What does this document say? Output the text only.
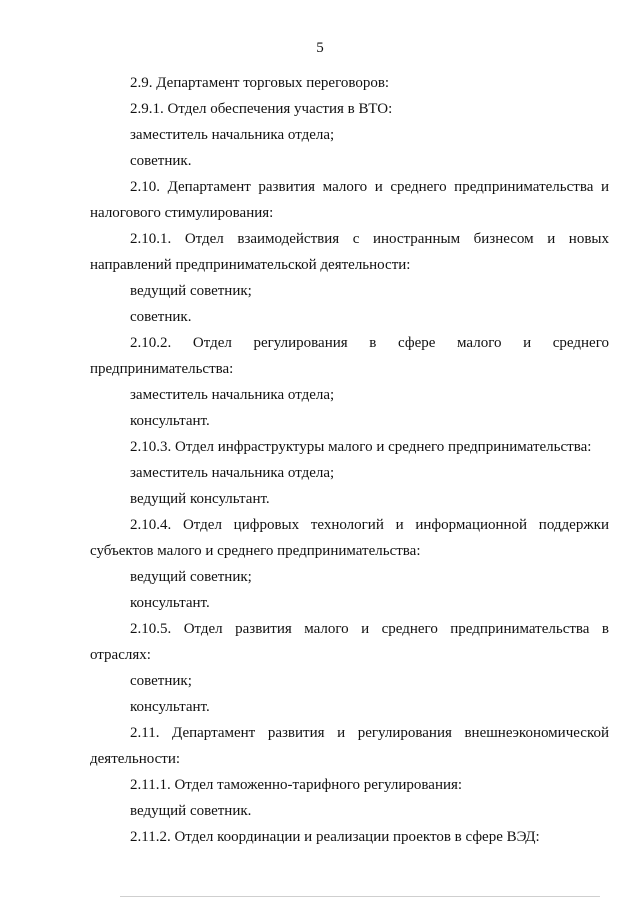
5

2.9. Департамент торговых переговоров:

2.9.1. Отдел обеспечения участия в ВТО:

заместитель начальника отдела;

советник.

2.10. Департамент развития малого и среднего предпринимательства и налогового стимулирования:

2.10.1. Отдел взаимодействия с иностранным бизнесом и новых направлений предпринимательской деятельности:

ведущий советник;

советник.

2.10.2. Отдел регулирования в сфере малого и среднего предпринимательства:

заместитель начальника отдела;

консультант.

2.10.3. Отдел инфраструктуры малого и среднего предпринимательства:

заместитель начальника отдела;

ведущий консультант.

2.10.4. Отдел цифровых технологий и информационной поддержки субъектов малого и среднего предпринимательства:

ведущий советник;

консультант.

2.10.5. Отдел развития малого и среднего предпринимательства в отраслях:

советник;

консультант.

2.11. Департамент развития и регулирования внешнеэкономической деятельности:

2.11.1. Отдел таможенно-тарифного регулирования:

ведущий советник.

2.11.2. Отдел координации и реализации проектов в сфере ВЭД:
